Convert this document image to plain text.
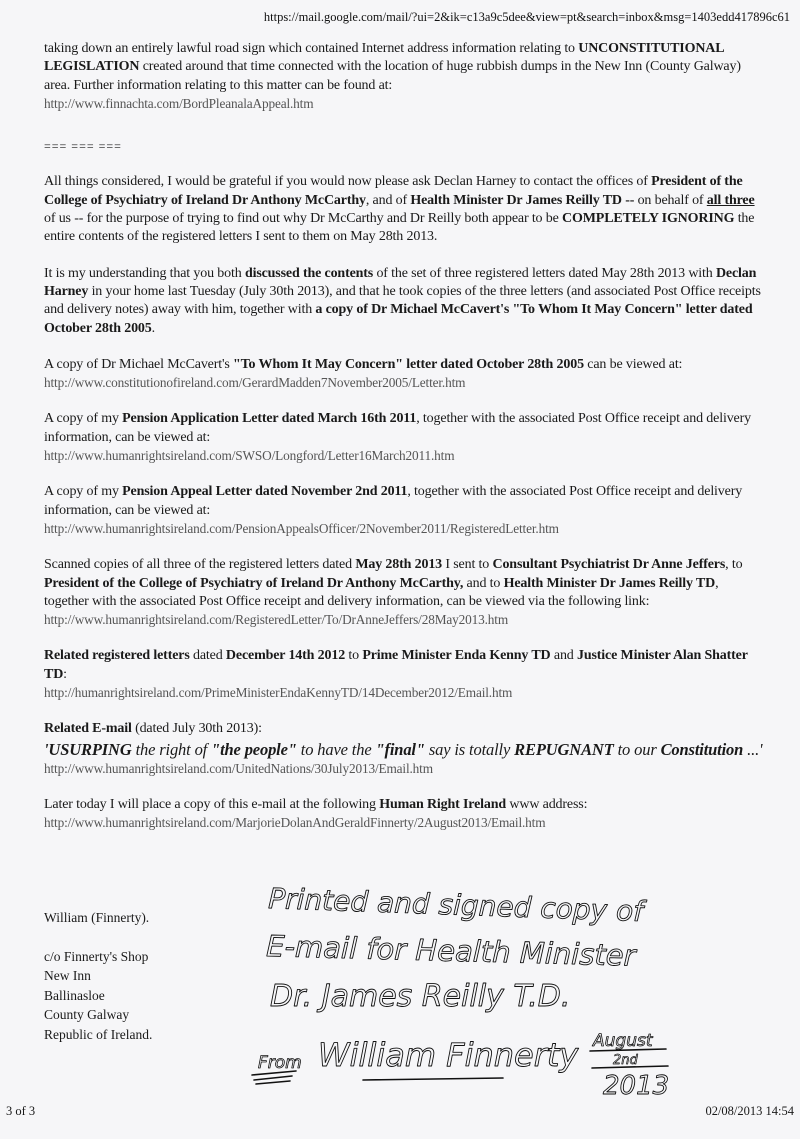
https://mail.google.com/mail/?ui=2&ik=c13a9c5dee&view=pt&search=inbox&msg=1403edd417896c61

taking down an entirely lawful road sign which contained Internet address information relating to UNCONSTITUTIONAL LEGISLATION created around that time connected with the location of huge rubbish dumps in the New Inn (County Galway) area. Further information relating to this matter can be found at:
http://www.finnachta.com/BordPleanalaAppeal.htm

=== === ===

All things considered, I would be grateful if you would now please ask Declan Harney to contact the offices of President of the College of Psychiatry of Ireland Dr Anthony McCarthy, and of Health Minister Dr James Reilly TD -- on behalf of all three of us -- for the purpose of trying to find out why Dr McCarthy and Dr Reilly both appear to be COMPLETELY IGNORING the entire contents of the registered letters I sent to them on May 28th 2013.

It is my understanding that you both discussed the contents of the set of three registered letters dated May 28th 2013 with Declan Harney in your home last Tuesday (July 30th 2013), and that he took copies of the three letters (and associated Post Office receipts and delivery notes) away with him, together with a copy of Dr Michael McCavert's "To Whom It May Concern" letter dated October 28th 2005.

A copy of Dr Michael McCavert's "To Whom It May Concern" letter dated October 28th 2005 can be viewed at:
http://www.constitutionofireland.com/GerardMadden7November2005/Letter.htm

A copy of my Pension Application Letter dated March 16th 2011, together with the associated Post Office receipt and delivery information, can be viewed at:
http://www.humanrightsireland.com/SWSO/Longford/Letter16March2011.htm

A copy of my Pension Appeal Letter dated November 2nd 2011, together with the associated Post Office receipt and delivery information, can be viewed at:
http://www.humanrightsireland.com/PensionAppealsOfficer/2November2011/RegisteredLetter.htm

Scanned copies of all three of the registered letters dated May 28th 2013 I sent to Consultant Psychiatrist Dr Anne Jeffers, to President of the College of Psychiatry of Ireland Dr Anthony McCarthy, and to Health Minister Dr James Reilly TD, together with the associated Post Office receipt and delivery information, can be viewed via the following link:
http://www.humanrightsireland.com/RegisteredLetter/To/DrAnneJeffers/28May2013.htm

Related registered letters dated December 14th 2012 to Prime Minister Enda Kenny TD and Justice Minister Alan Shatter TD:
http://humanrightsireland.com/PrimeMinisterEndaKennyTD/14December2012/Email.htm

Related E-mail (dated July 30th 2013):
'USURPING the right of "the people" to have the "final" say is totally REPUGNANT to our Constitution ...'
http://www.humanrightsireland.com/UnitedNations/30July2013/Email.htm

Later today I will place a copy of this e-mail at the following Human Right Ireland www address:
http://www.humanrightsireland.com/MarjorieDolanAndGeraldFinnerty/2August2013/Email.htm

William (Finnerty).
c/o Finnerty's Shop
New Inn
Ballinasloe
County Galway
Republic of Ireland.
Printed and signed copy of
E-mail for Health Minister
Dr. James Reilly T.D.
From William Finnerty August
2nd
2013
3 of 3	02/08/2013 14:54
